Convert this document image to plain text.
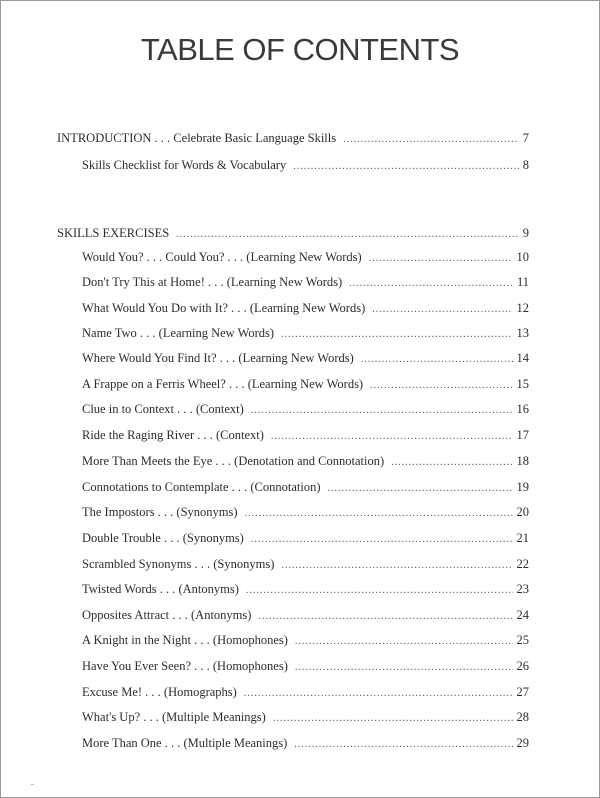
TABLE OF CONTENTS
INTRODUCTION . . . Celebrate Basic Language Skills .....	7
Skills Checklist for Words & Vocabulary .....	8
SKILLS EXERCISES .....	9
Would You? . . . Could You? . . . (Learning New Words) .....	10
Don't Try This at Home! . . . (Learning New Words) .....	11
What Would You Do with It? . . . (Learning New Words) .....	12
Name Two . . . (Learning New Words) .....	13
Where Would You Find It? . . . (Learning New Words) .....	14
A Frappe on a Ferris Wheel? . . . (Learning New Words) .....	15
Clue in to Context . . . (Context) .....	16
Ride the Raging River . . . (Context) .....	17
More Than Meets the Eye . . . (Denotation and Connotation) .....	18
Connotations to Contemplate . . . (Connotation) .....	19
The Impostors . . . (Synonyms) .....	20
Double Trouble . . . (Synonyms) .....	21
Scrambled Synonyms . . . (Synonyms) .....	22
Twisted Words . . . (Antonyms) .....	23
Opposites Attract . . . (Antonyms) .....	24
A Knight in the Night . . . (Homophones) .....	25
Have You Ever Seen? . . . (Homophones) .....	26
Excuse Me! . . . (Homographs) .....	27
What's Up? . . . (Multiple Meanings) .....	28
More Than One . . . (Multiple Meanings) .....	29
